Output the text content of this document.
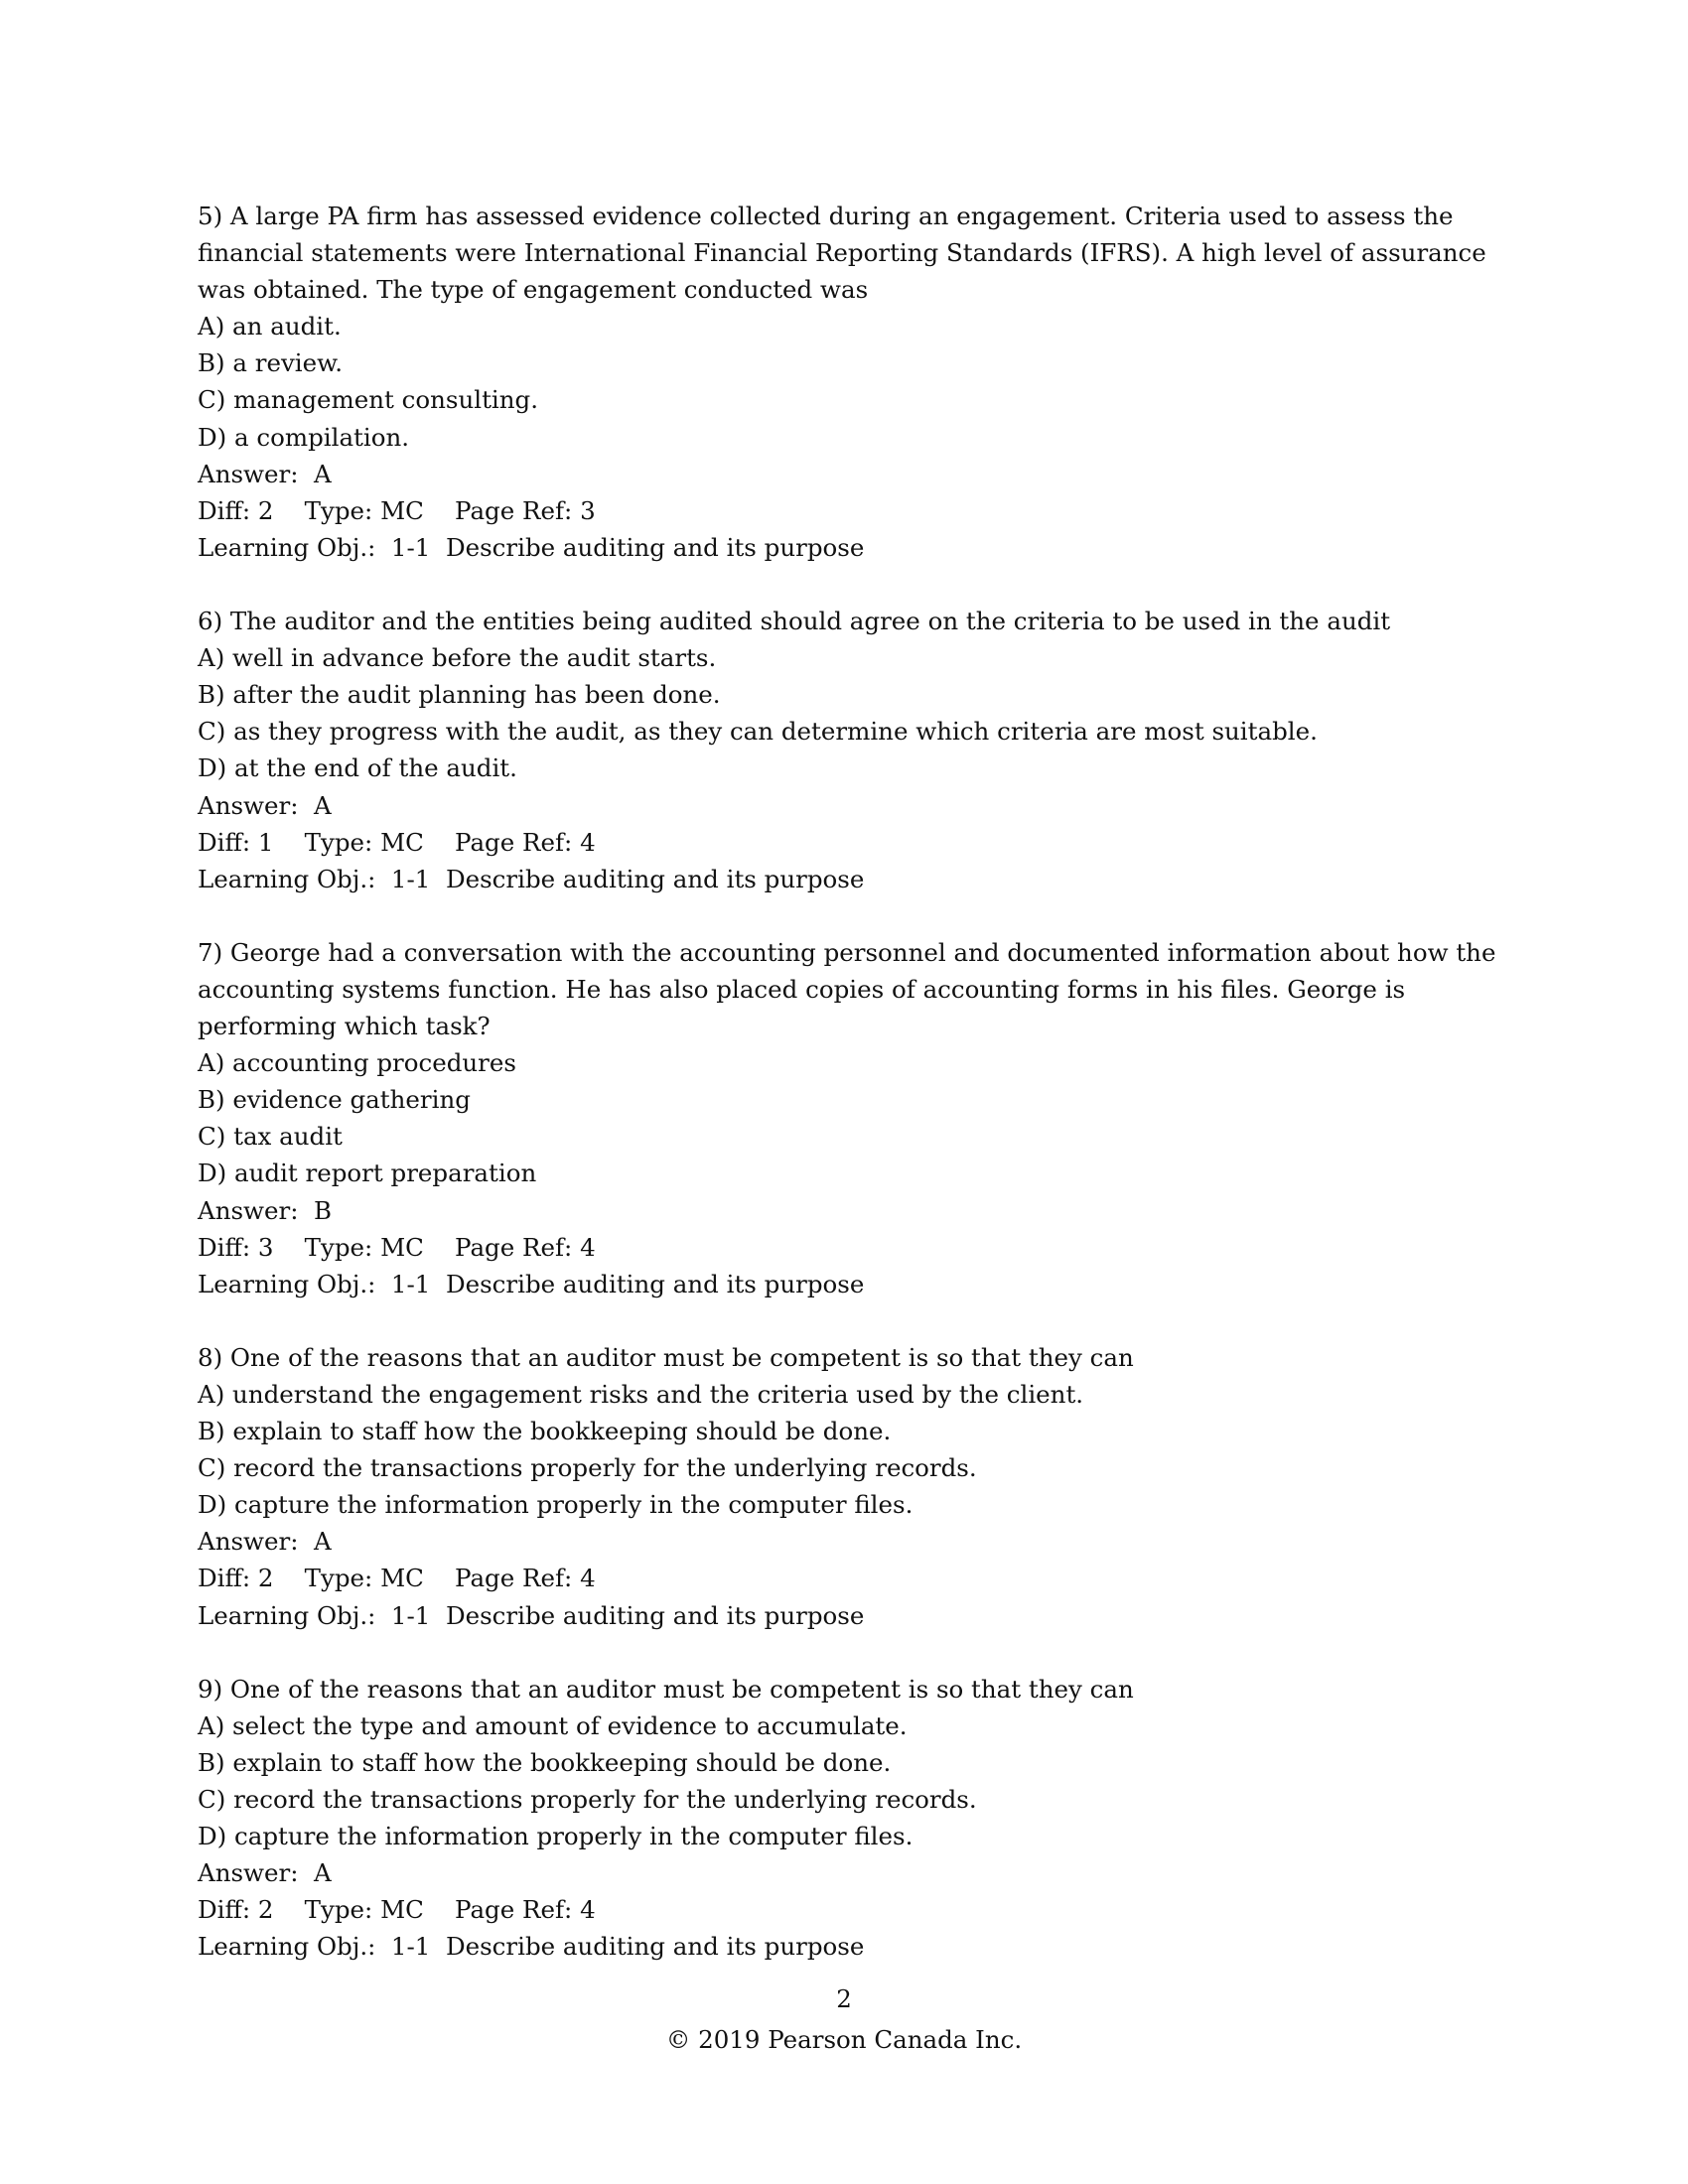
5) A large PA firm has assessed evidence collected during an engagement. Criteria used to assess the
financial statements were International Financial Reporting Standards (IFRS). A high level of assurance
was obtained. The type of engagement conducted was
A) an audit.
B) a review.
C) management consulting.
D) a compilation.
Answer:  A
Diff: 2    Type: MC    Page Ref: 3
Learning Obj.:  1-1  Describe auditing and its purpose
6) The auditor and the entities being audited should agree on the criteria to be used in the audit
A) well in advance before the audit starts.
B) after the audit planning has been done.
C) as they progress with the audit, as they can determine which criteria are most suitable.
D) at the end of the audit.
Answer:  A
Diff: 1    Type: MC    Page Ref: 4
Learning Obj.:  1-1  Describe auditing and its purpose
7) George had a conversation with the accounting personnel and documented information about how the
accounting systems function. He has also placed copies of accounting forms in his files. George is
performing which task?
A) accounting procedures
B) evidence gathering
C) tax audit
D) audit report preparation
Answer:  B
Diff: 3    Type: MC    Page Ref: 4
Learning Obj.:  1-1  Describe auditing and its purpose
8) One of the reasons that an auditor must be competent is so that they can
A) understand the engagement risks and the criteria used by the client.
B) explain to staff how the bookkeeping should be done.
C) record the transactions properly for the underlying records.
D) capture the information properly in the computer files.
Answer:  A
Diff: 2    Type: MC    Page Ref: 4
Learning Obj.:  1-1  Describe auditing and its purpose
9) One of the reasons that an auditor must be competent is so that they can
A) select the type and amount of evidence to accumulate.
B) explain to staff how the bookkeeping should be done.
C) record the transactions properly for the underlying records.
D) capture the information properly in the computer files.
Answer:  A
Diff: 2    Type: MC    Page Ref: 4
Learning Obj.:  1-1  Describe auditing and its purpose
2
© 2019 Pearson Canada Inc.
